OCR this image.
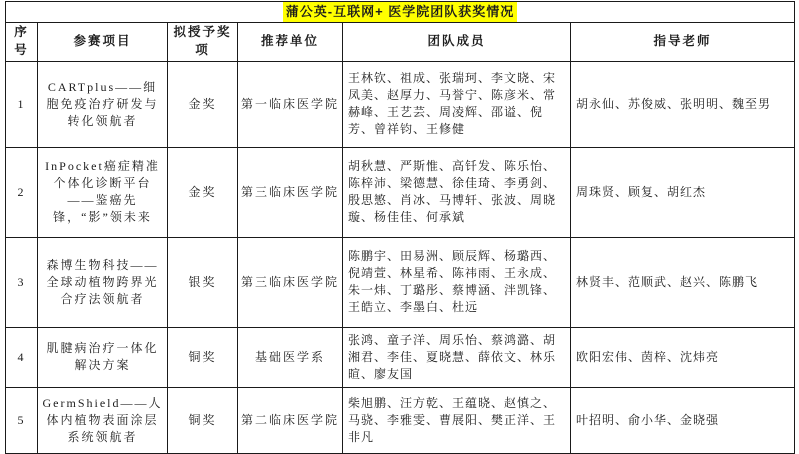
蒲公英-互联网+ 医学院团队获奖情况					
序号	参赛项目	拟授予奖项	推荐单位	团队成员	指导老师
1	CARTplus——细胞免疫治疗研发与转化领航者	金奖	第一临床医学院	王林钦、祖成、张瑞珂、李文晓、宋凤美、赵厚力、马誉宁、陈彦米、常赫峰、王艺芸、周凌辉、邵谥、倪芳、曾祥钧、王修健	胡永仙、苏俊威、张明明、魏至男
2	InPocket癌症精准个体化诊断平台——鉴癌先锋，“影”领未来	金奖	第三临床医学院	胡秋慧、严斯惟、高钎发、陈乐怡、陈梓沛、梁德慧、徐佳琦、李勇剑、殷思慜、肖冰、马博轩、张波、周晓璇、杨佳佳、何承斌	周珠贤、顾复、胡红杰
3	森博生物科技——全球动植物跨界光合疗法领航者	银奖	第三临床医学院	陈鹏宇、田易洲、顾辰辉、杨璐西、倪靖萱、林星希、陈祎雨、王永成、朱一炜、丁璐彤、蔡博涵、泮凯锋、王皓立、李墨白、杜远	林贤丰、范顺武、赵兴、陈鹏飞
4	肌腱病治疗一体化解决方案	铜奖	基础医学系	张鸿、童子洋、周乐怡、蔡鸿潞、胡湘君、李佳、夏晓慧、薛依文、林乐暄、廖友国	欧阳宏伟、茵梓、沈炜亮
5	GermShield——人体内植物表面涂层系统领航者	铜奖	第二临床医学院	柴旭鹏、汪方乾、王蕴晓、赵慎之、马骁、李雅雯、曹展阳、樊正洋、王非凡	叶招明、俞小华、金晓强
